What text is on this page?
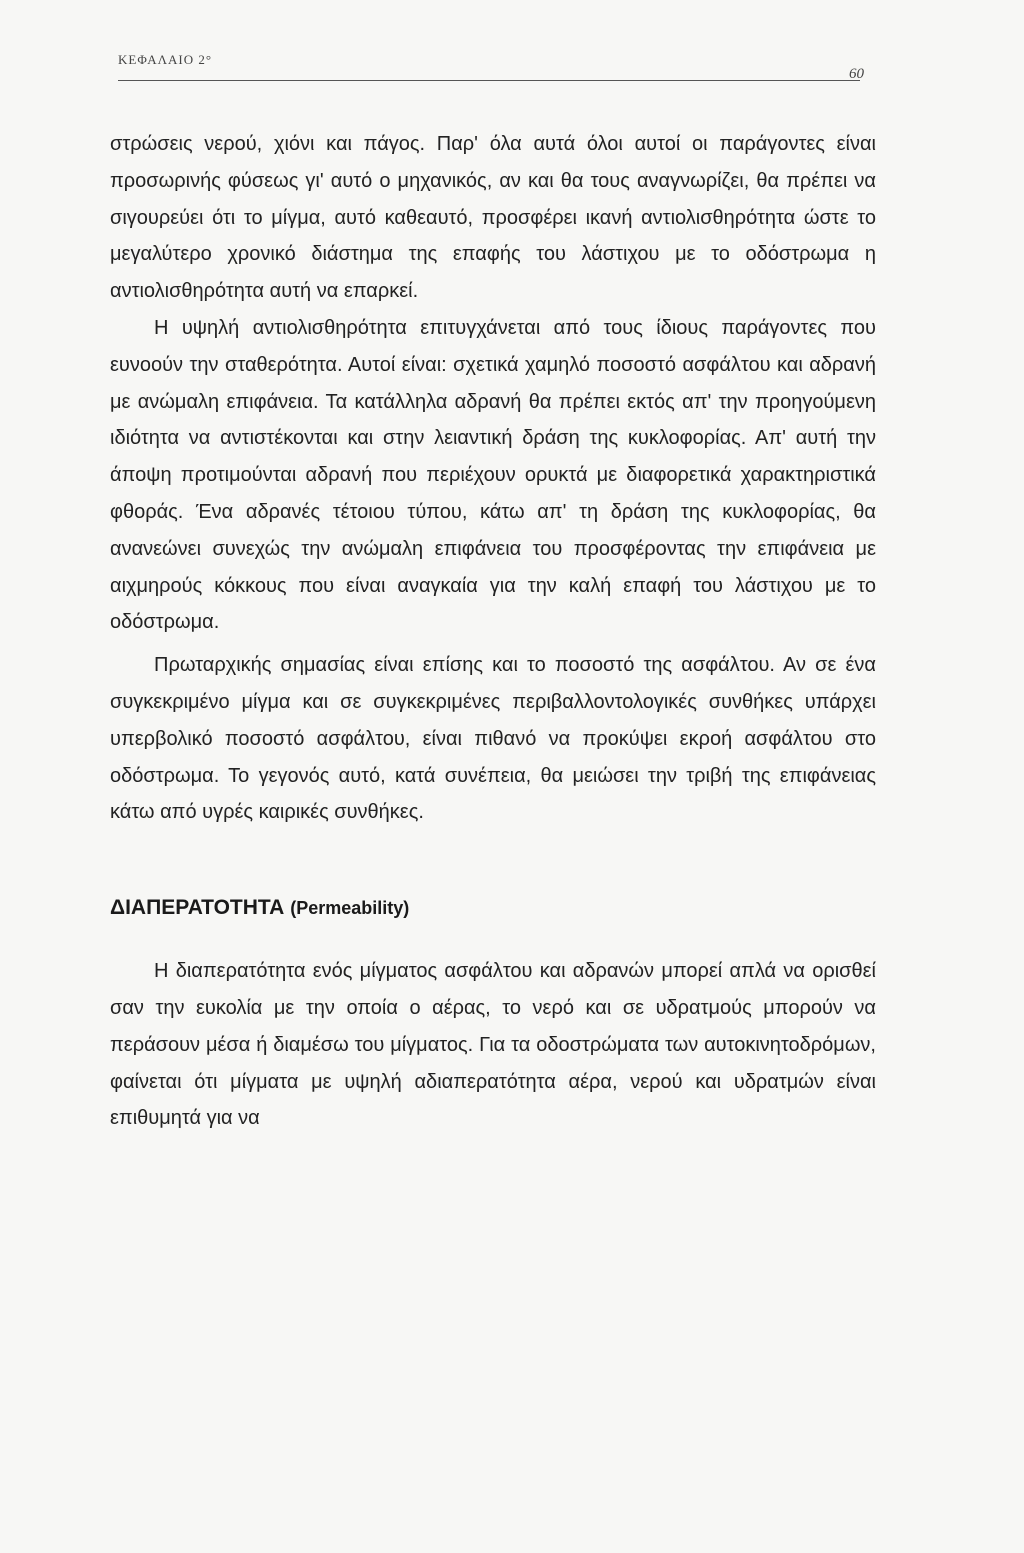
ΚΕΦΑΛΑΙΟ 2°
60

στρώσεις νερού, χιόνι και πάγος. Παρ' όλα αυτά όλοι αυτοί οι παράγοντες είναι προσωρινής φύσεως γι' αυτό ο μηχανικός, αν και θα τους αναγνωρίζει, θα πρέπει να σιγουρεύει ότι το μίγμα, αυτό καθεαυτό, προσφέρει ικανή αντιολισθηρότητα ώστε το μεγαλύτερο χρονικό διάστημα της επαφής του λάστιχου με το οδόστρωμα η αντιολισθηρότητα αυτή να επαρκεί.

Η υψηλή αντιολισθηρότητα επιτυγχάνεται από τους ίδιους παράγοντες που ευνοούν την σταθερότητα. Αυτοί είναι: σχετικά χαμηλό ποσοστό ασφάλτου και αδρανή με ανώμαλη επιφάνεια. Τα κατάλληλα αδρανή θα πρέπει εκτός απ' την προηγούμενη ιδιότητα να αντιστέκονται και στην λειαντική δράση της κυκλοφορίας. Απ' αυτή την άποψη προτιμούνται αδρανή που περιέχουν ορυκτά με διαφορετικά χαρακτηριστικά φθοράς. Ένα αδρανές τέτοιου τύπου, κάτω απ' τη δράση της κυκλοφορίας, θα ανανεώνει συνεχώς την ανώμαλη επιφάνεια του προσφέροντας την επιφάνεια με αιχμηρούς κόκκους που είναι αναγκαία για την καλή επαφή του λάστιχου με το οδόστρωμα.

Πρωταρχικής σημασίας είναι επίσης και το ποσοστό της ασφάλτου. Αν σε ένα συγκεκριμένο μίγμα και σε συγκεκριμένες περιβαλλοντολογικές συνθήκες υπάρχει υπερβολικό ποσοστό ασφάλτου, είναι πιθανό να προκύψει εκροή ασφάλτου στο οδόστρωμα. Το γεγονός αυτό, κατά συνέπεια, θα μειώσει την τριβή της επιφάνειας κάτω από υγρές καιρικές συνθήκες.

ΔΙΑΠΕΡΑΤΟΤΗΤΑ (Permeability)

Η διαπερατότητα ενός μίγματος ασφάλτου και αδρανών μπορεί απλά να ορισθεί σαν την ευκολία με την οποία ο αέρας, το νερό και σε υδρατμούς μπορούν να περάσουν μέσα ή διαμέσω του μίγματος. Για τα οδοστρώματα των αυτοκινητοδρόμων, φαίνεται ότι μίγματα με υψηλή αδιαπερατότητα αέρα, νερού και υδρατμών είναι επιθυμητά για να
